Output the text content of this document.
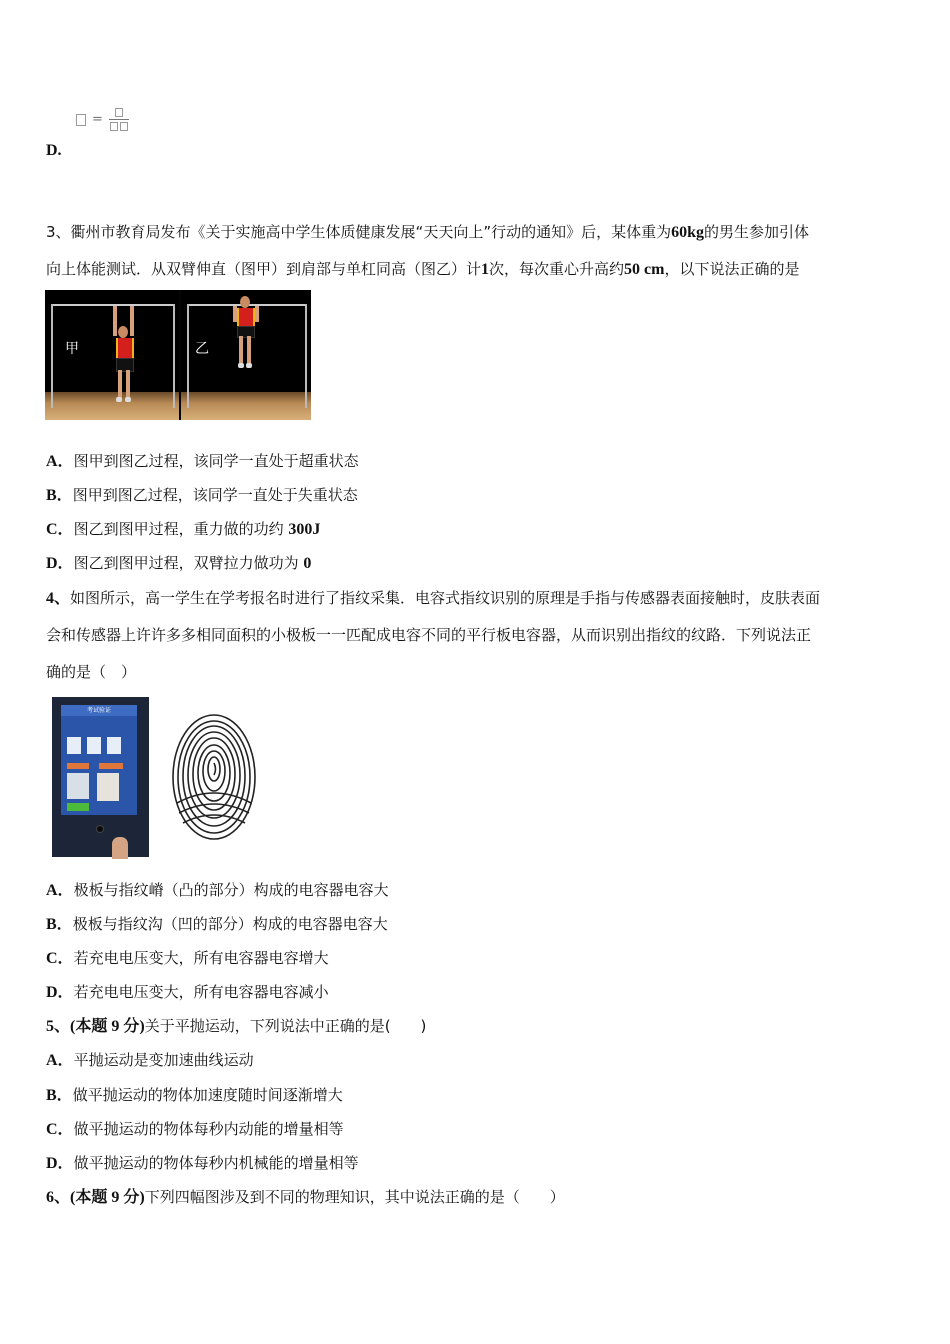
=
D.
3、衢州市教育局发布《关于实施高中学生体质健康发展“天天向上”行动的通知》后，某体重为60kg的男生参加引体
向上体能测试．从双臂伸直（图甲）到肩部与单杠同高（图乙）计1次，每次重心升高约50 cm，以下说法正确的是
甲	乙
A．图甲到图乙过程，该同学一直处于超重状态
B．图甲到图乙过程，该同学一直处于失重状态
C．图乙到图甲过程，重力做的功约 300J
D．图乙到图甲过程，双臂拉力做功为 0
4、如图所示，高一学生在学考报名时进行了指纹采集．电容式指纹识别的原理是手指与传感器表面接触时，皮肤表面
会和传感器上许许多多相同面积的小极板一一匹配成电容不同的平行板电容器，从而识别出指纹的纹路．下列说法正
确的是（　）
考试验证
A．极板与指纹嵴（凸的部分）构成的电容器电容大
B．极板与指纹沟（凹的部分）构成的电容器电容大
C．若充电电压变大，所有电容器电容增大
D．若充电电压变大，所有电容器电容减小
5、(本题 9 分)关于平抛运动，下列说法中正确的是(　　)
A．平抛运动是变加速曲线运动
B．做平抛运动的物体加速度随时间逐渐增大
C．做平抛运动的物体每秒内动能的增量相等
D．做平抛运动的物体每秒内机械能的增量相等
6、(本题 9 分)下列四幅图涉及到不同的物理知识，其中说法正确的是（　　）
